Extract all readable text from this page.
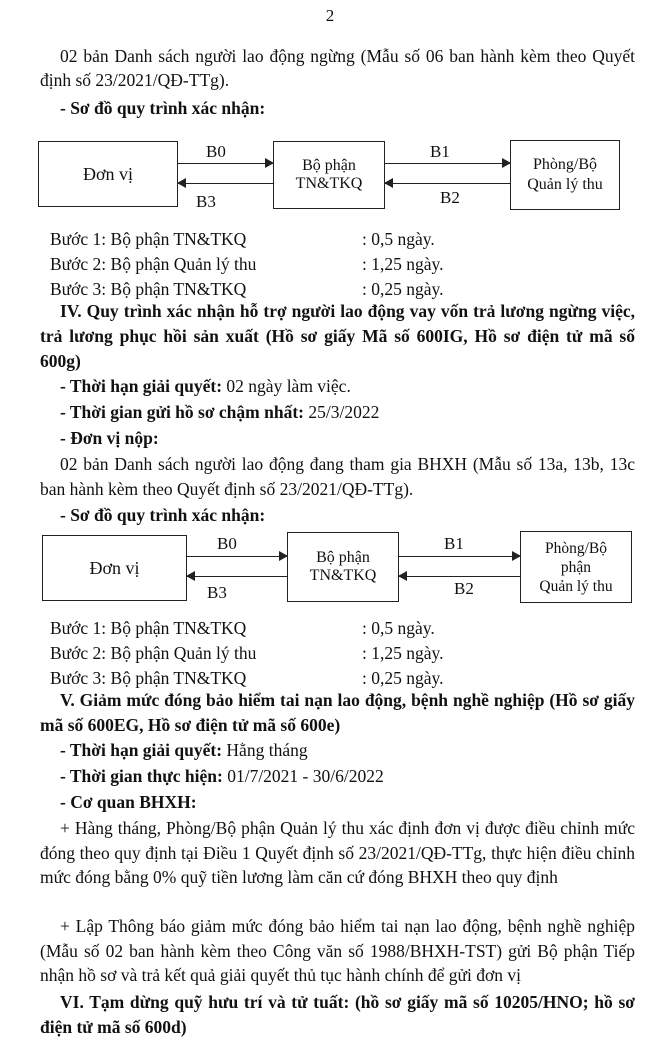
2

02 bản Danh sách người lao động ngừng (Mẫu số 06 ban hành kèm theo Quyết định số 23/2021/QĐ-TTg).

- Sơ đồ quy trình xác nhận:

Đơn vị	Bộ phận
TN&TKQ
Phòng/Bộ
Quản lý thu
B0
B3
B1
B2
Bước 1: Bộ phận TN&TKQ	: 0,5 ngày.
Bước 2: Bộ phận Quản lý thu	: 1,25 ngày.
Bước 3: Bộ phận TN&TKQ	: 0,25 ngày.

IV. Quy trình xác nhận hỗ trợ người lao động vay vốn trả lương ngừng việc, trả lương phục hồi sản xuất (Hồ sơ giấy Mã số 600IG, Hồ sơ điện tử mã số 600g)

- Thời hạn giải quyết: 02 ngày làm việc.

- Thời gian gửi hồ sơ chậm nhất: 25/3/2022

- Đơn vị nộp:

02 bản Danh sách người lao động đang tham gia BHXH (Mẫu số 13a, 13b, 13c ban hành kèm theo Quyết định số 23/2021/QĐ-TTg).

- Sơ đồ quy trình xác nhận:

Đơn vị	Bộ phận
TN&TKQ
Phòng/Bộ
phận
Quản lý thu
B0
B3
B1
B2
Bước 1: Bộ phận TN&TKQ	: 0,5 ngày.
Bước 2: Bộ phận Quản lý thu	: 1,25 ngày.
Bước 3: Bộ phận TN&TKQ	: 0,25 ngày.

V. Giảm mức đóng bảo hiểm tai nạn lao động, bệnh nghề nghiệp (Hồ sơ giấy mã số 600EG, Hồ sơ điện tử mã số 600e)

- Thời hạn giải quyết: Hằng tháng

- Thời gian thực hiện: 01/7/2021 - 30/6/2022

- Cơ quan BHXH:

+ Hàng tháng, Phòng/Bộ phận Quản lý thu xác định đơn vị được điều chỉnh mức đóng theo quy định tại Điều 1 Quyết định số 23/2021/QĐ-TTg, thực hiện điều chỉnh mức đóng bằng 0% quỹ tiền lương làm căn cứ đóng BHXH theo quy định

+ Lập Thông báo giảm mức đóng bảo hiểm tai nạn lao động, bệnh nghề nghiệp (Mẫu số 02 ban hành kèm theo Công văn số 1988/BHXH-TST) gửi Bộ phận Tiếp nhận hồ sơ và trả kết quả giải quyết thủ tục hành chính để gửi đơn vị

VI. Tạm dừng quỹ hưu trí và tử tuất: (hồ sơ giấy mã số 10205/HNO; hồ sơ điện tử mã số 600d)
